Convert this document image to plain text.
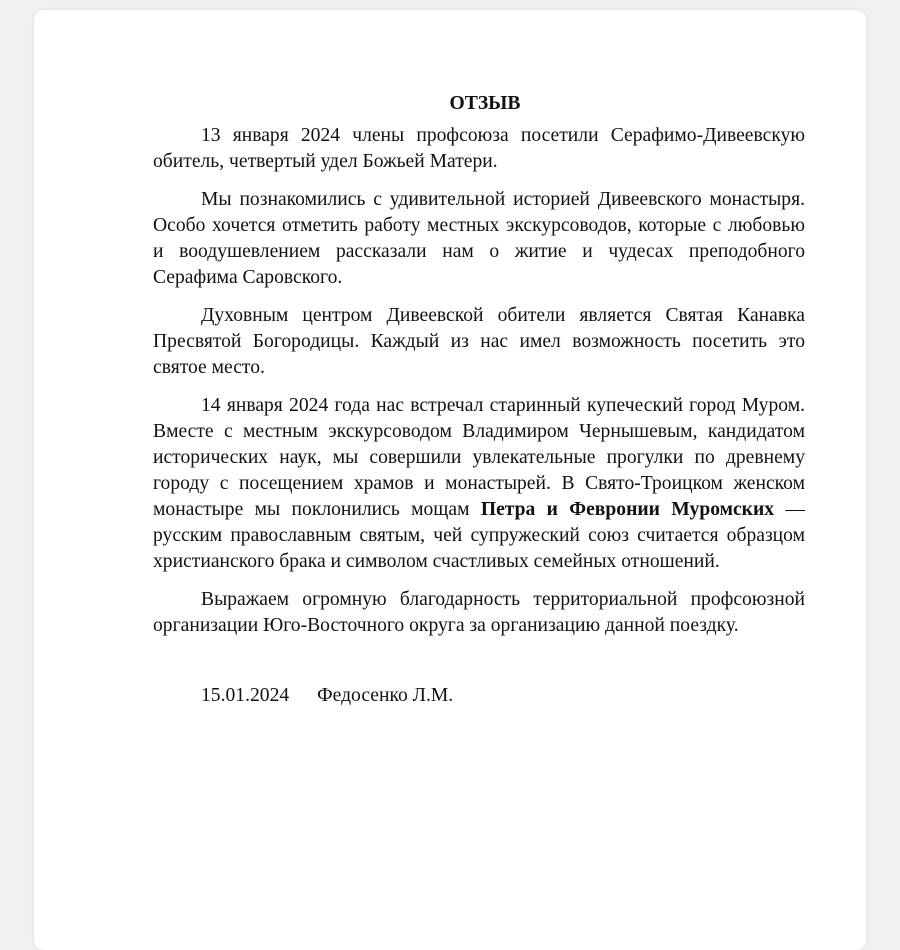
ОТЗЫВ

13 января 2024 члены профсоюза посетили Серафимо-Дивеевскую обитель, четвертый удел Божьей Матери.

Мы познакомились с удивительной историей Дивеевского монастыря. Особо хочется отметить работу местных экскурсоводов, которые с любовью и воодушевлением рассказали нам о житие и чудесах преподобного Серафима Саровского.

Духовным центром Дивеевской обители является Святая Канавка Пресвятой Богородицы. Каждый из нас имел возможность посетить это святое место.

14 января 2024 года нас встречал старинный купеческий город Муром. Вместе с местным экскурсоводом Владимиром Чернышевым, кандидатом исторических наук, мы совершили увлекательные прогулки по древнему городу с посещением храмов и монастырей. В Свято-Троицком женском монастыре мы поклонились мощам Петра и Февронии Муромских — русским православным святым, чей супружеский союз считается образцом христианского брака и символом счастливых семейных отношений.

Выражаем огромную благодарность территориальной профсоюзной организации Юго-Восточного округа за организацию данной поездку.

15.01.2024 Федосенко Л.М.
